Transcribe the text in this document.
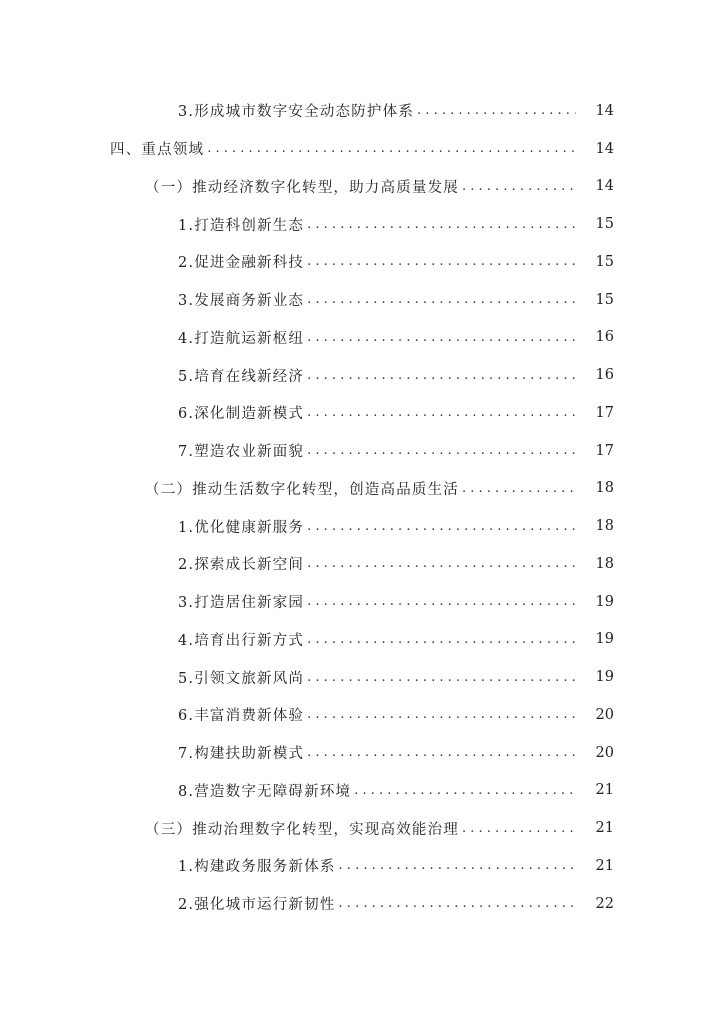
3.形成城市数字安全动态防护体系 . . .	14
四、重点领域 . . .	14
（一）推动经济数字化转型，助力高质量发展 . . .	14
1.打造科创新生态 . . .	15
2.促进金融新科技 . . .	15
3.发展商务新业态 . . .	15
4.打造航运新枢纽 . . .	16
5.培育在线新经济 . . .	16
6.深化制造新模式 . . .	17
7.塑造农业新面貌 . . .	17
（二）推动生活数字化转型，创造高品质生活 . . .	18
1.优化健康新服务 . . .	18
2.探索成长新空间 . . .	18
3.打造居住新家园 . . .	19
4.培育出行新方式 . . .	19
5.引领文旅新风尚 . . .	19
6.丰富消费新体验 . . .	20
7.构建扶助新模式 . . .	20
8.营造数字无障碍新环境 . . .	21
（三）推动治理数字化转型，实现高效能治理 . . .	21
1.构建政务服务新体系 . . .	21
2.强化城市运行新韧性 . . .	22
